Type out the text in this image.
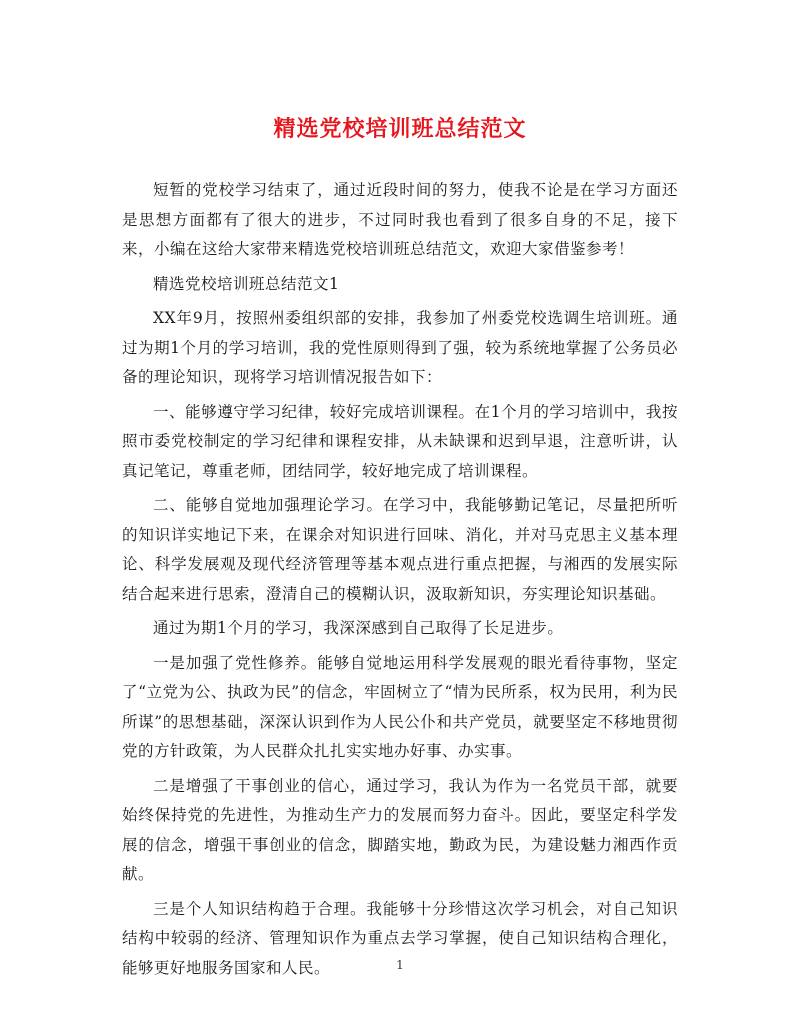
精选党校培训班总结范文

短暂的党校学习结束了，通过近段时间的努力，使我不论是在学习方面还是思想方面都有了很大的进步，不过同时我也看到了很多自身的不足，接下来，小编在这给大家带来精选党校培训班总结范文，欢迎大家借鉴参考！

精选党校培训班总结范文1

XX年9月，按照州委组织部的安排，我参加了州委党校选调生培训班。通过为期1个月的学习培训，我的党性原则得到了强，较为系统地掌握了公务员必备的理论知识，现将学习培训情况报告如下：

一、能够遵守学习纪律，较好完成培训课程。在1个月的学习培训中，我按照市委党校制定的学习纪律和课程安排，从未缺课和迟到早退，注意听讲，认真记笔记，尊重老师，团结同学，较好地完成了培训课程。

二、能够自觉地加强理论学习。在学习中，我能够勤记笔记，尽量把所听的知识详实地记下来，在课余对知识进行回味、消化，并对马克思主义基本理论、科学发展观及现代经济管理等基本观点进行重点把握，与湘西的发展实际结合起来进行思索，澄清自己的模糊认识，汲取新知识，夯实理论知识基础。

通过为期1个月的学习，我深深感到自己取得了长足进步。

一是加强了党性修养。能够自觉地运用科学发展观的眼光看待事物，坚定了“立党为公、执政为民”的信念，牢固树立了“情为民所系，权为民用，利为民所谋”的思想基础，深深认识到作为人民公仆和共产党员，就要坚定不移地贯彻党的方针政策，为人民群众扎扎实实地办好事、办实事。

二是增强了干事创业的信心，通过学习，我认为作为一名党员干部，就要始终保持党的先进性，为推动生产力的发展而努力奋斗。因此，要坚定科学发展的信念，增强干事创业的信念，脚踏实地，勤政为民，为建设魅力湘西作贡献。

三是个人知识结构趋于合理。我能够十分珍惜这次学习机会，对自己知识结构中较弱的经济、管理知识作为重点去学习掌握，使自己知识结构合理化，能够更好地服务国家和人民。	1
